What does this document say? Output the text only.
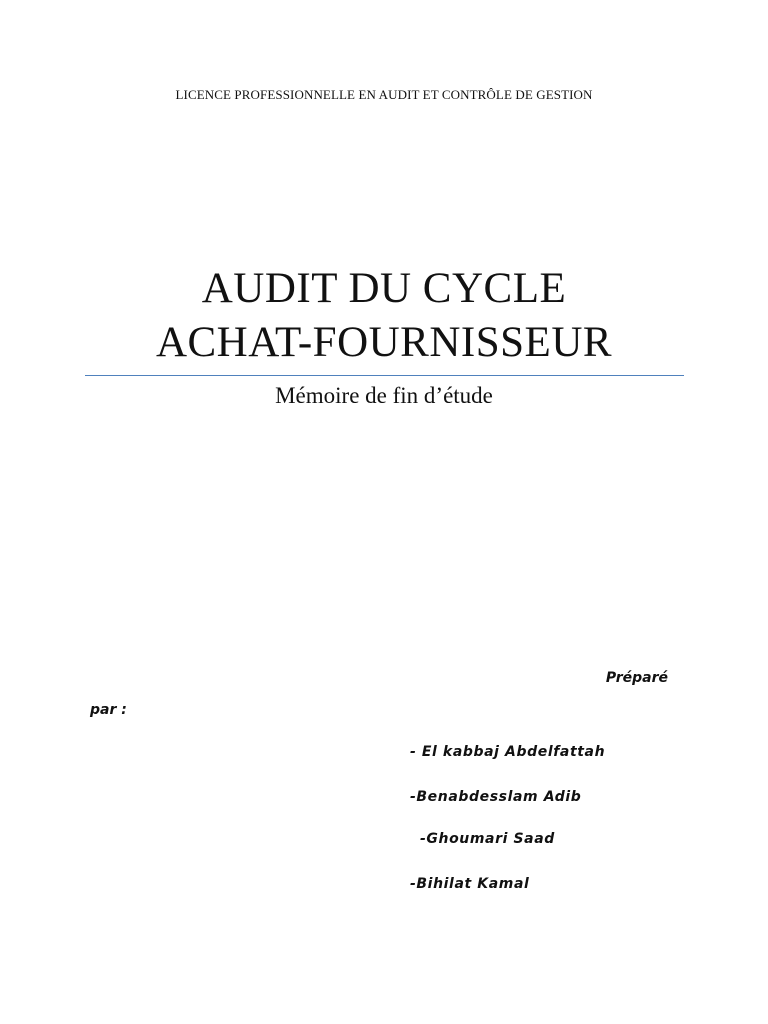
LICENCE PROFESSIONNELLE EN AUDIT ET CONTRÔLE DE GESTION
AUDIT DU CYCLE
ACHAT-FOURNISSEUR
Mémoire de fin d’étude
Préparé
par :
- El kabbaj Abdelfattah
-Benabdesslam Adib
-Ghoumari Saad
-Bihilat Kamal
